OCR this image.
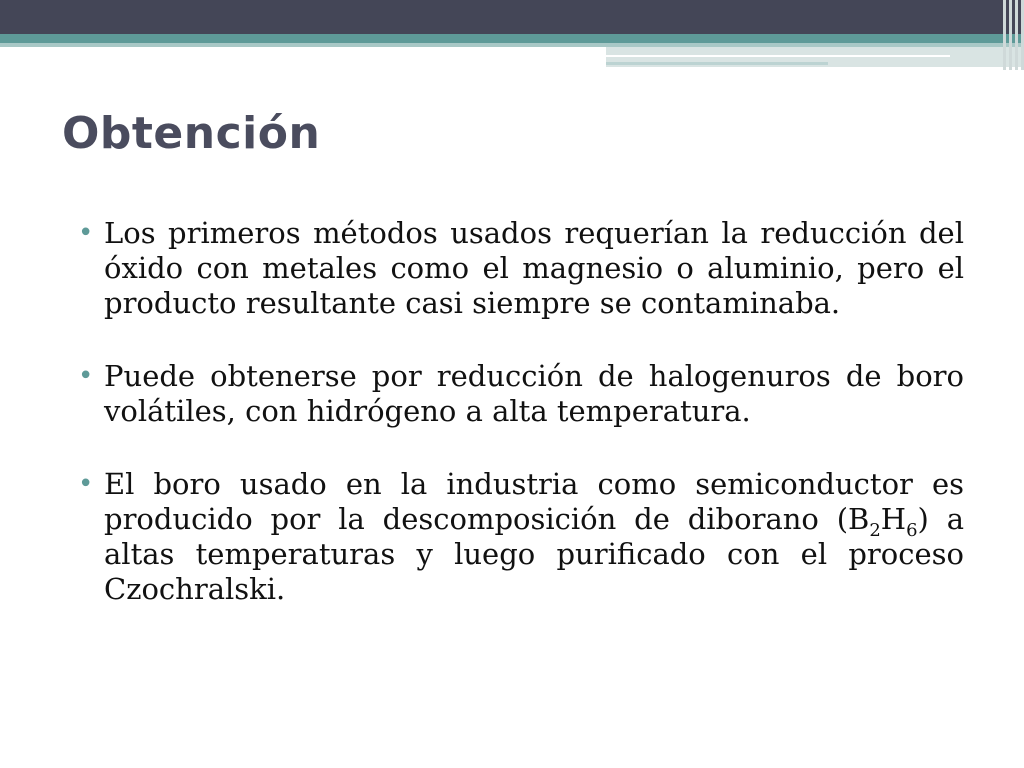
Obtención
• Los primeros métodos usados requerían la reducción del óxido con metales como el magnesio o aluminio, pero el producto resultante casi siempre se contaminaba.
• Puede obtenerse por reducción de halogenuros de boro volátiles, con hidrógeno a alta temperatura.
• El boro usado en la industria como semiconductor es producido por la descomposición de diborano $(B_2H_6)$ a altas temperaturas y luego purificado con el proceso Czochralski.
